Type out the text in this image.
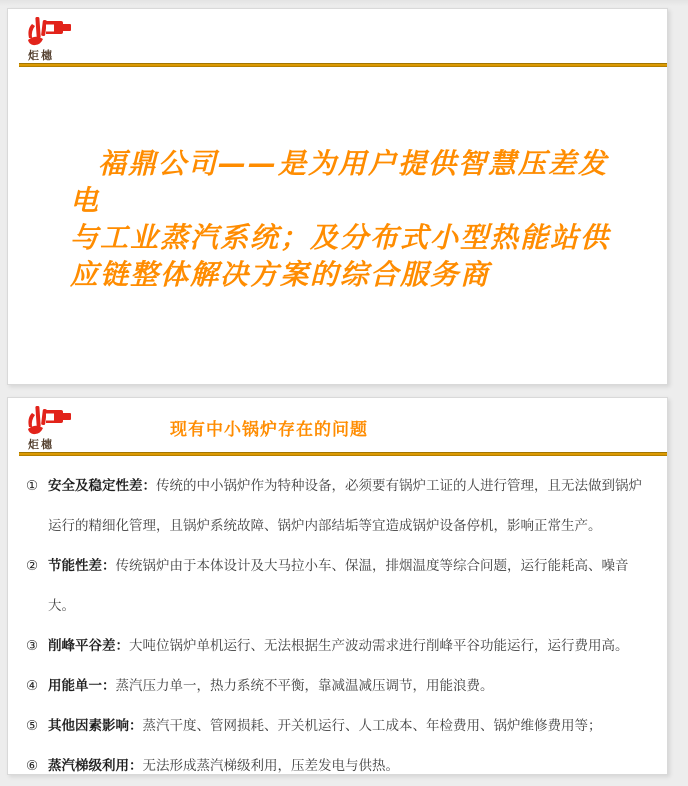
炬橞
福鼎公司——是为用户提供智慧压差发电
与工业蒸汽系统；及分布式小型热能站供
应链整体解决方案的综合服务商
炬橞
现有中小锅炉存在的问题

① 安全及稳定性差：传统的中小锅炉作为特种设备，必须要有锅炉工证的人进行管理，且无法做到锅炉运行的精细化管理，且锅炉系统故障、锅炉内部结垢等宜造成锅炉设备停机，影响正常生产。

② 节能性差：传统锅炉由于本体设计及大马拉小车、保温，排烟温度等综合问题，运行能耗高、噪音大。

③ 削峰平谷差：大吨位锅炉单机运行、无法根据生产波动需求进行削峰平谷功能运行，运行费用高。

④ 用能单一：蒸汽压力单一，热力系统不平衡，靠减温减压调节，用能浪费。

⑤ 其他因素影响：蒸汽干度、管网损耗、开关机运行、人工成本、年检费用、锅炉维修费用等；

⑥ 蒸汽梯级利用：无法形成蒸汽梯级利用，压差发电与供热。
